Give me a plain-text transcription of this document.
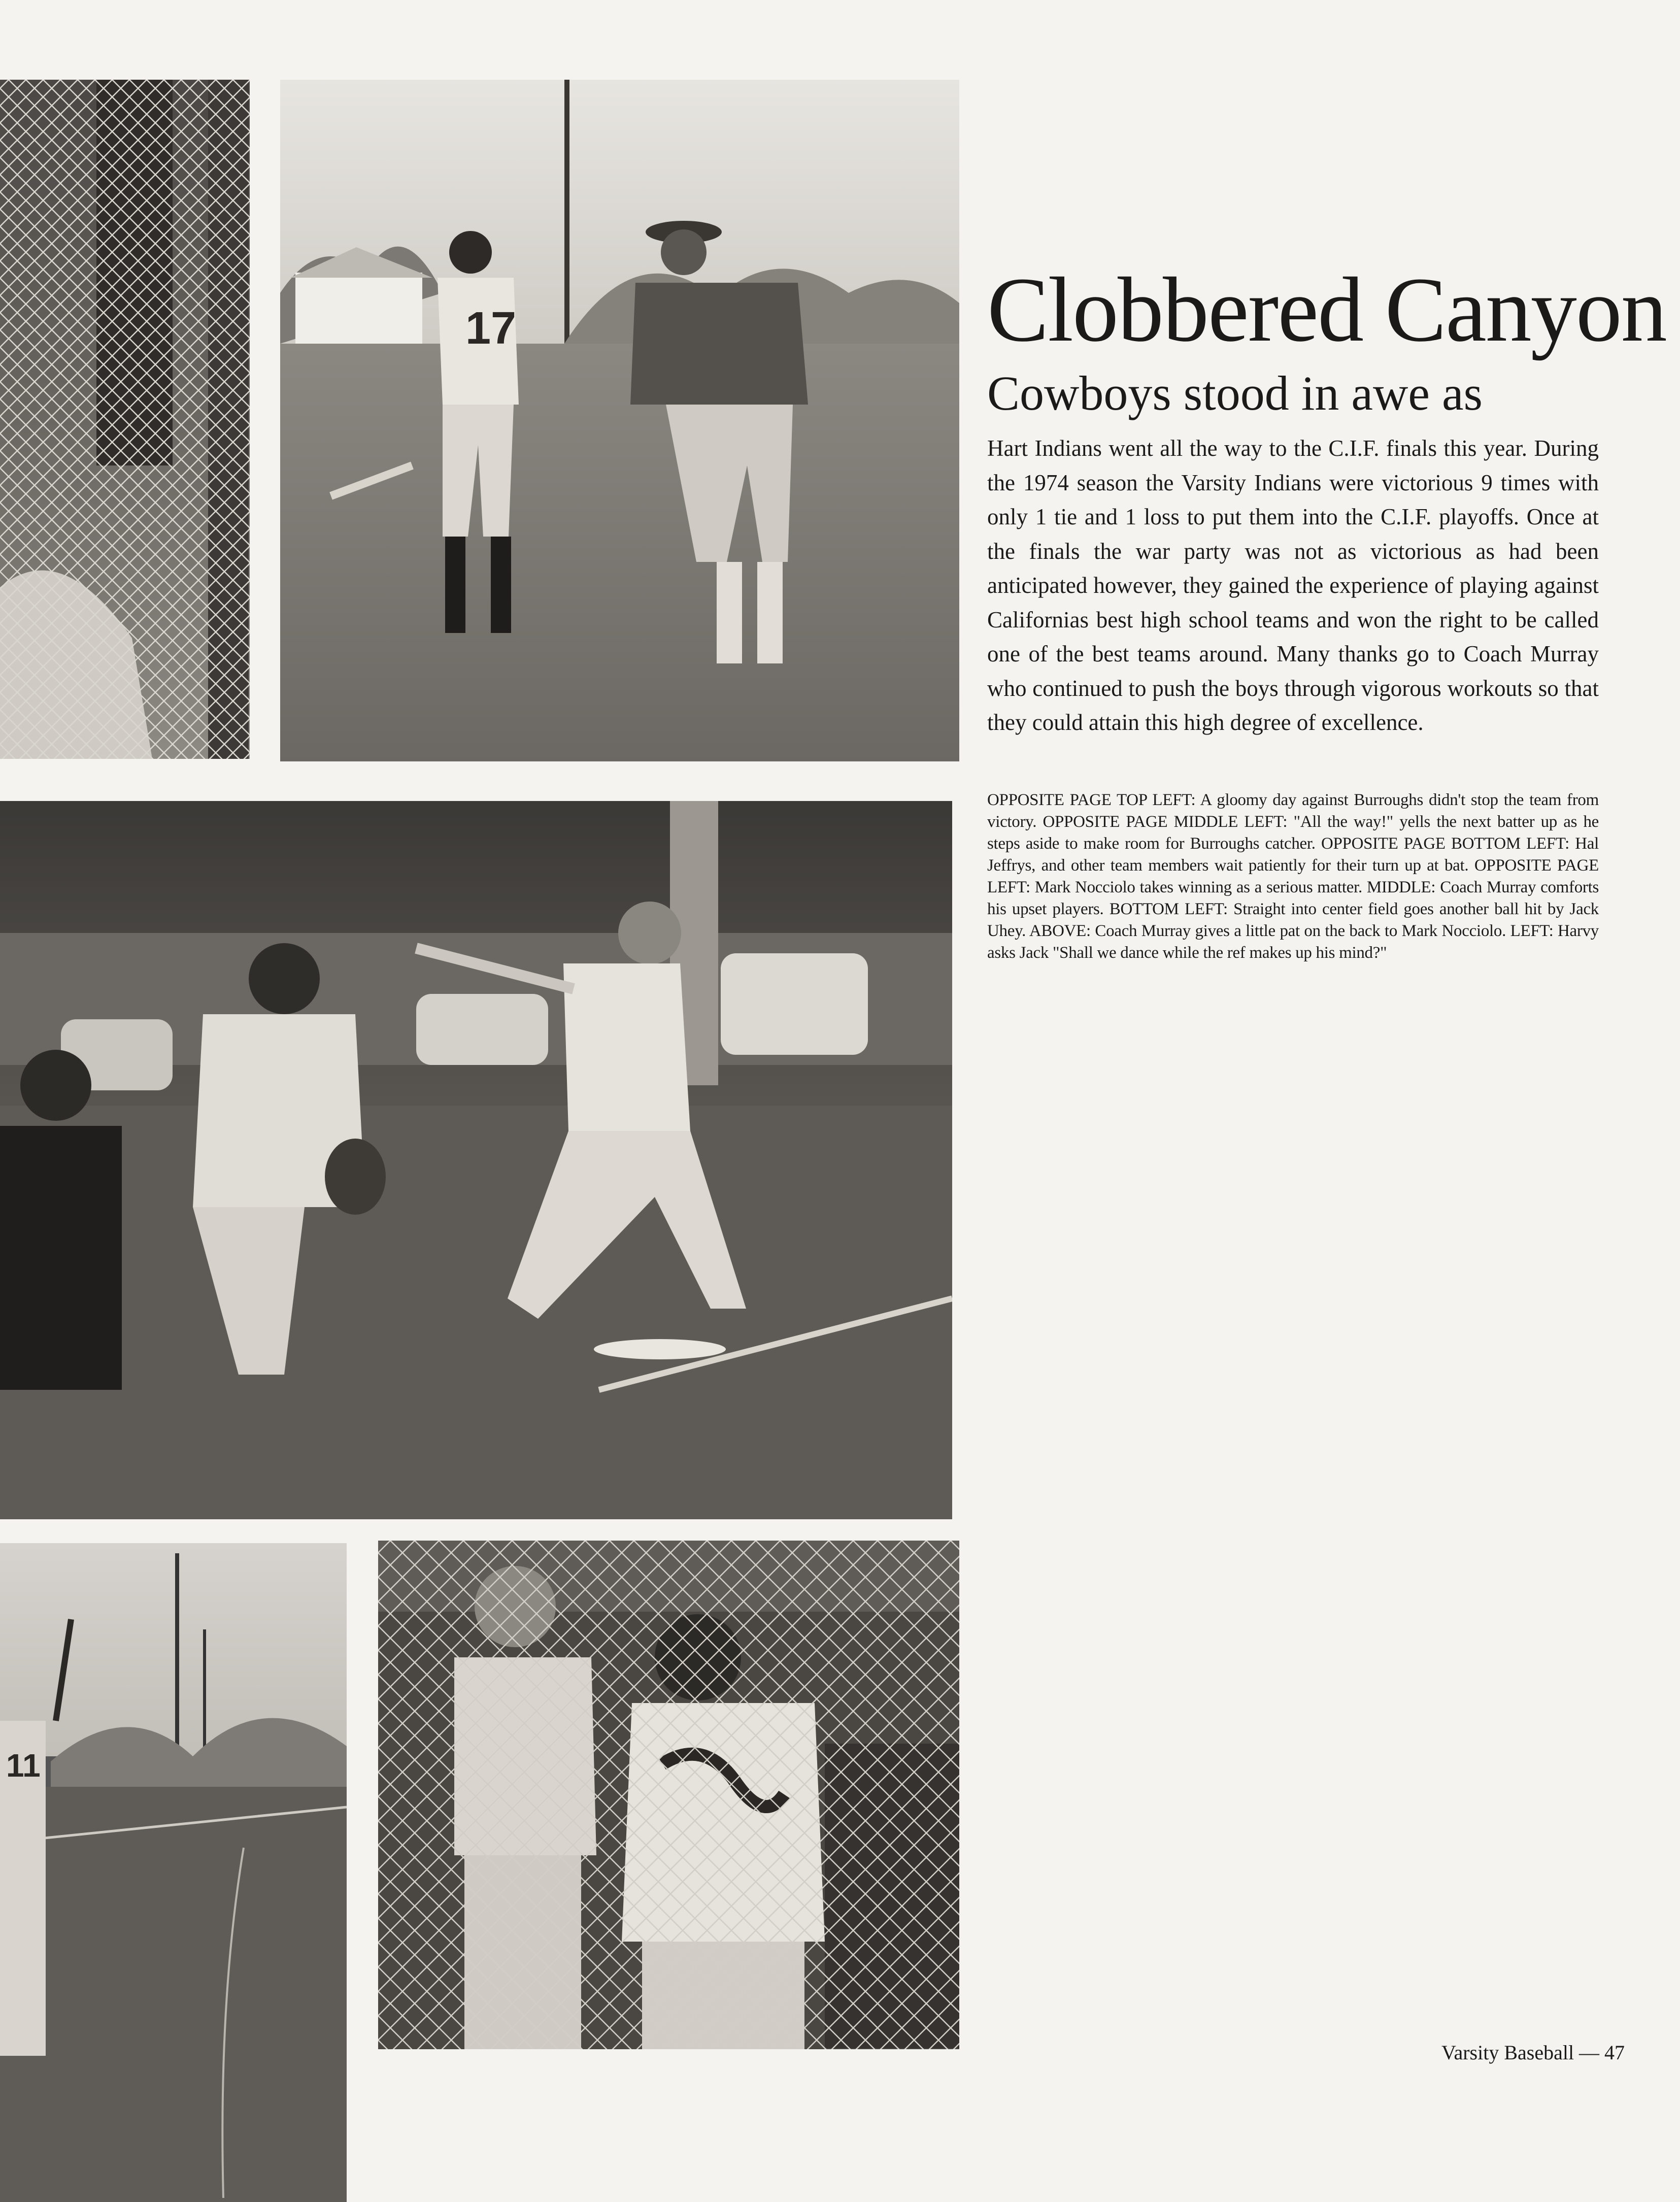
17
11
Clobbered Canyon
Cowboys stood in awe as

Hart Indians went all the way to the C.I.F. finals this year. During the 1974 season the Varsity Indians were victorious 9 times with only 1 tie and 1 loss to put them into the C.I.F. playoffs. Once at the finals the war party was not as victorious as had been anticipated however, they gained the experience of playing against Californias best high school teams and won the right to be called one of the best teams around. Many thanks go to Coach Murray who continued to push the boys through vigorous workouts so that they could attain this high degree of excellence.

OPPOSITE PAGE TOP LEFT: A gloomy day against Burroughs didn't stop the team from victory. OPPOSITE PAGE MIDDLE LEFT: "All the way!" yells the next batter up as he steps aside to make room for Burroughs catcher. OPPOSITE PAGE BOTTOM LEFT: Hal Jeffrys, and other team members wait patiently for their turn up at bat. OPPOSITE PAGE LEFT: Mark Nocciolo takes winning as a serious matter. MIDDLE: Coach Murray comforts his upset players. BOTTOM LEFT: Straight into center field goes another ball hit by Jack Uhey. ABOVE: Coach Murray gives a little pat on the back to Mark Nocciolo. LEFT: Harvy asks Jack "Shall we dance while the ref makes up his mind?"

Varsity Baseball — 47
